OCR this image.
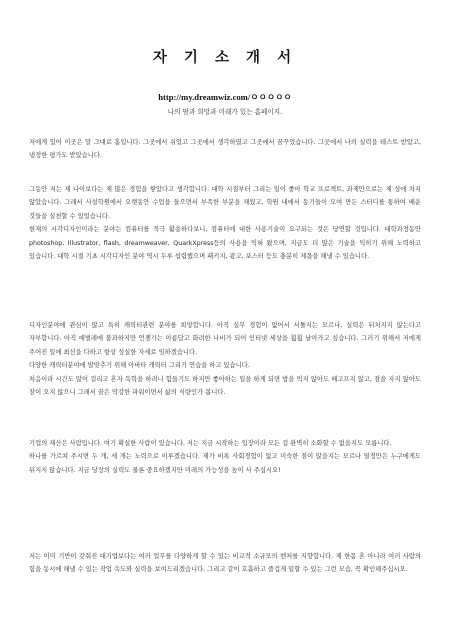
자 기 소 개 서
http://my.dreamwiz.com/ㅇㅇㅇㅇㅇ
나의 땀과 희망과 미래가 있는 홈페이지.

저에게 있어 이곳은 말 그대로 홈입니다. 그곳에서 쉬었고 그곳에서 생각하였고 그곳에서 꿈꾸었습니다. 그곳에서 나의 실력을 테스트 받았고, 냉정한 평가도 받았습니다.

그동안 저는 제 나이보다는 제 많은 경험을 쌓았다고 생각합니다. 대학 시절부터 그리는 일이 좋아 학교 프로젝트, 과제만으로는 제 성에 차지 않았습니다. 그래서 사설학원에서 오랫동안 수업을 들으면서 부족한 부분을 채웠고, 학원 내에서 동기들이 모여 만든 스터디를 통하여 배운 것들을 실천할 수 있었습니다.

현재의 시각디자인이라는 분야는 컴퓨터를 적극 활용하다보니, 컴퓨터에 대한 사용기술이 요구되는 것은 당연할 것입니다. 대학과정동안 photoshop, Illustrator, flash, dreamweaver, QuarkXpress등의 사용을 익혀 왔으며, 지금도 더 많은 기술을 익히기 위해 노력하고 있습니다. 대학 시절 기초 시각디자인 분야 역시 두루 섭렵했으며 패키지, 광고, 포스터 등도 충분히 제몫을 해낼 수 있습니다.

디자인분야에 관심이 많고 특히 캐릭터관련 분야를 희망합니다. 아직 실무 경험이 없어서 서툴지는 모르나, 실력은 뒤처지지 않는다고 자부합니다. 아직 애벌레에 불과하지만 언젠가는 아름답고 화려한 나비가 되어 인터넷 세상을 훨훨 날아가고 싶습니다. 그러기 위해서 저에게 주어진 일에 최선을 다하고 항상 성실한 자세로 임하겠습니다.

다양한 캐릭터분야에 발맞추기 위해 아바타 캐릭터 그리기 연습을 하고 있습니다.

처음이라 시간도 많이 걸리고 혼자 독학을 하려니 힘들기도 하지만 좋아하는 일을 하게 되면 밥을 먹지 않아도 배고프지 않고, 잠을 자지 않아도 잠이 오지 않으니 그래서 꿈은 막강한 파워이면서 삶의 식량인가 봅니다.

기업의 재산은 사람입니다. 여기 확실한 사람이 있습니다. 저는 지금 시작하는 입장이라 모든 걸 완벽히 소화할 수 없을지도 모릅니다.

하나를 가르쳐 주시면 두 개, 세 개는 노력으로 이루겠습니다. 제가 비록 사회경험이 없고 미숙한 점이 많을지는 모르나 열정만은 누구에게도 뒤지지 않습니다. 지금 당장의 실력도 물론 중요하겠지만 미래의 가능성을 높이 사 주십시오!

저는 이미 기반이 갖춰진 대기업보다는 여러 업무를 다양하게 할 수 있는 비교적 소규모의 벤처를 지향합니다. 제 한몸 혼 아니라 여러 사람의 힘을 동시에 해낼 수 있는 작업 속도와 실력을 보여드리겠습니다. 그리고 같이 호흡하고 즐겁게 일할 수 있는 그런 모습, 꼭 확인해주십시오.
